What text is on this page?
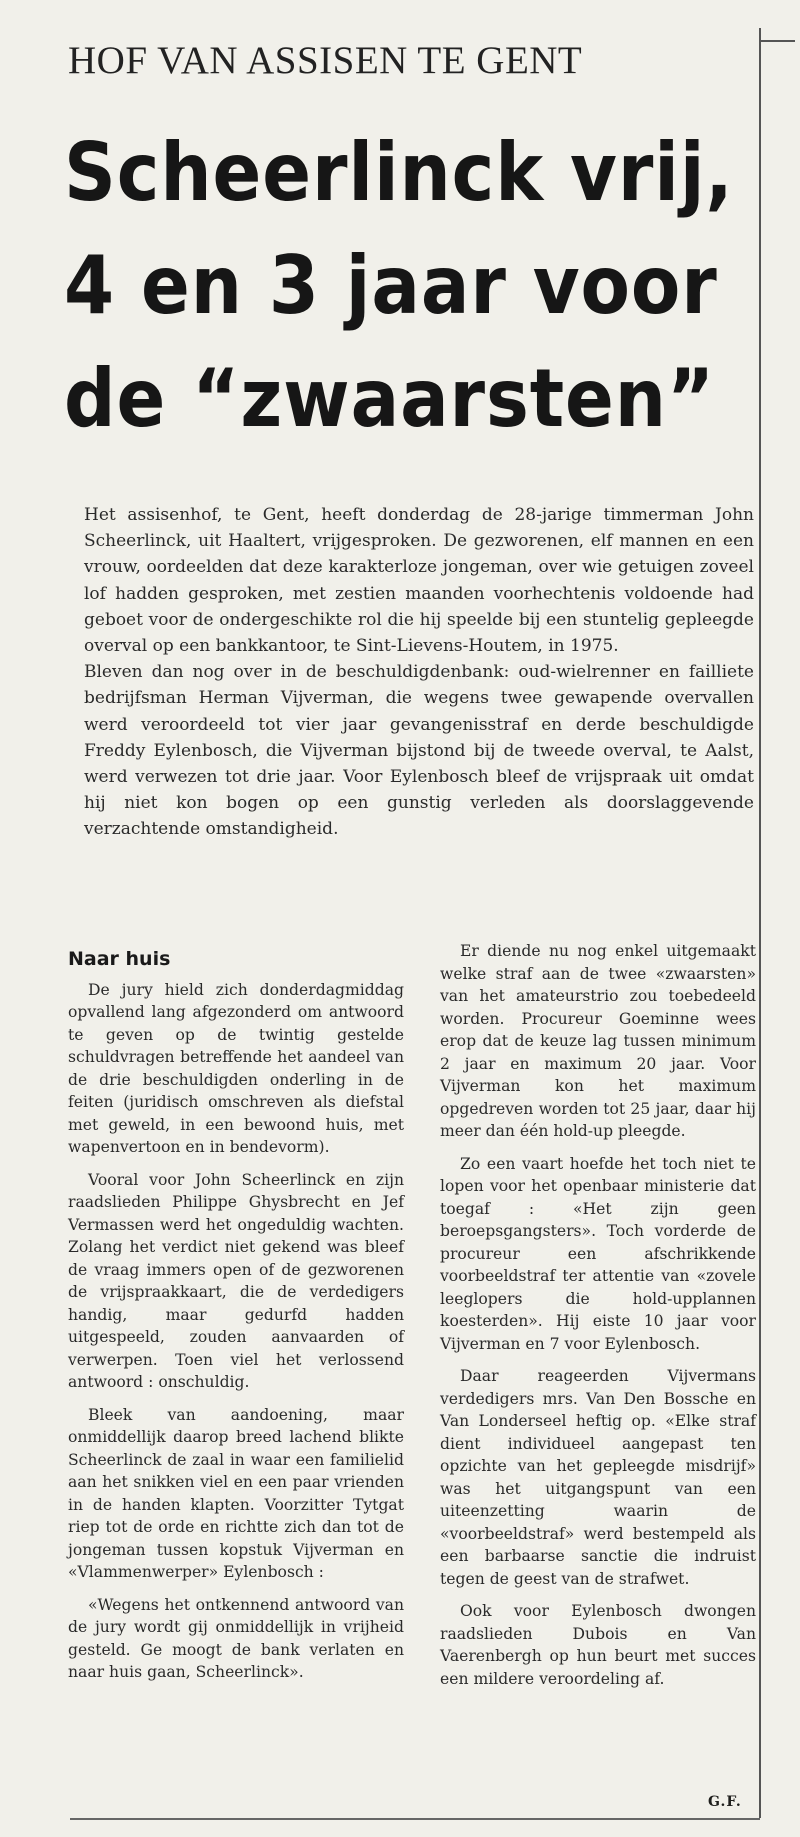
HOF VAN ASSISEN TE GENT
Scheerlinck vrij,
4 en 3 jaar voor
de “zwaarsten”

Het assisenhof, te Gent, heeft donderdag de 28-jarige timmerman John Scheerlinck, uit Haaltert, vrijgesproken. De gezworenen, elf mannen en een vrouw, oordeelden dat deze karakterloze jongeman, over wie getuigen zoveel lof hadden gesproken, met zestien maanden voorhechtenis voldoende had geboet voor de ondergeschikte rol die hij speelde bij een stuntelig gepleegde overval op een bankkantoor, te Sint-Lievens-Houtem, in 1975.

Bleven dan nog over in de beschuldigdenbank: oud-wielrenner en failliete bedrijfsman Herman Vijverman, die wegens twee gewapende overvallen werd veroordeeld tot vier jaar gevangenisstraf en derde beschuldigde Freddy Eylenbosch, die Vijverman bijstond bij de tweede overval, te Aalst, werd verwezen tot drie jaar. Voor Eylenbosch bleef de vrijspraak uit omdat hij niet kon bogen op een gunstig verleden als doorslaggevende verzachtende omstandigheid.

Naar huis

De jury hield zich donderdagmiddag opvallend lang afgezonderd om antwoord te geven op de twintig gestelde schuldvragen betreffende het aandeel van de drie beschuldigden onderling in de feiten (juridisch omschreven als diefstal met geweld, in een bewoond huis, met wapenvertoon en in bendevorm).

Vooral voor John Scheerlinck en zijn raadslieden Philippe Ghysbrecht en Jef Vermassen werd het ongeduldig wachten. Zolang het verdict niet gekend was bleef de vraag immers open of de gezworenen de vrijspraakkaart, die de verdedigers handig, maar gedurfd hadden uitgespeeld, zouden aanvaarden of verwerpen. Toen viel het verlossend antwoord : onschuldig.

Bleek van aandoening, maar onmiddellijk daarop breed lachend blikte Scheerlinck de zaal in waar een familielid aan het snikken viel en een paar vrienden in de handen klapten. Voorzitter Tytgat riep tot de orde en richtte zich dan tot de jongeman tussen kopstuk Vijverman en «Vlammenwerper» Eylenbosch :

«Wegens het ontkennend antwoord van de jury wordt gij onmiddellijk in vrijheid gesteld. Ge moogt de bank verlaten en naar huis gaan, Scheerlinck».

Er diende nu nog enkel uitgemaakt welke straf aan de twee «zwaarsten» van het amateurstrio zou toebedeeld worden. Procureur Goeminne wees erop dat de keuze lag tussen minimum 2 jaar en maximum 20 jaar. Voor Vijverman kon het maximum opgedreven worden tot 25 jaar, daar hij meer dan één hold-up pleegde.

Zo een vaart hoefde het toch niet te lopen voor het openbaar ministerie dat toegaf : «Het zijn geen beroepsgangsters». Toch vorderde de procureur een afschrikkende voorbeeldstraf ter attentie van «zovele leeglopers die hold-upplannen koesterden». Hij eiste 10 jaar voor Vijverman en 7 voor Eylenbosch.

Daar reageerden Vijvermans verdedigers mrs. Van Den Bossche en Van Londerseel heftig op. «Elke straf dient individueel aangepast ten opzichte van het gepleegde misdrijf» was het uitgangspunt van een uiteenzetting waarin de «voorbeeldstraf» werd bestempeld als een barbaarse sanctie die indruist tegen de geest van de strafwet.

Ook voor Eylenbosch dwongen raadslieden Dubois en Van Vaerenbergh op hun beurt met succes een mildere veroordeling af.

G.F.
